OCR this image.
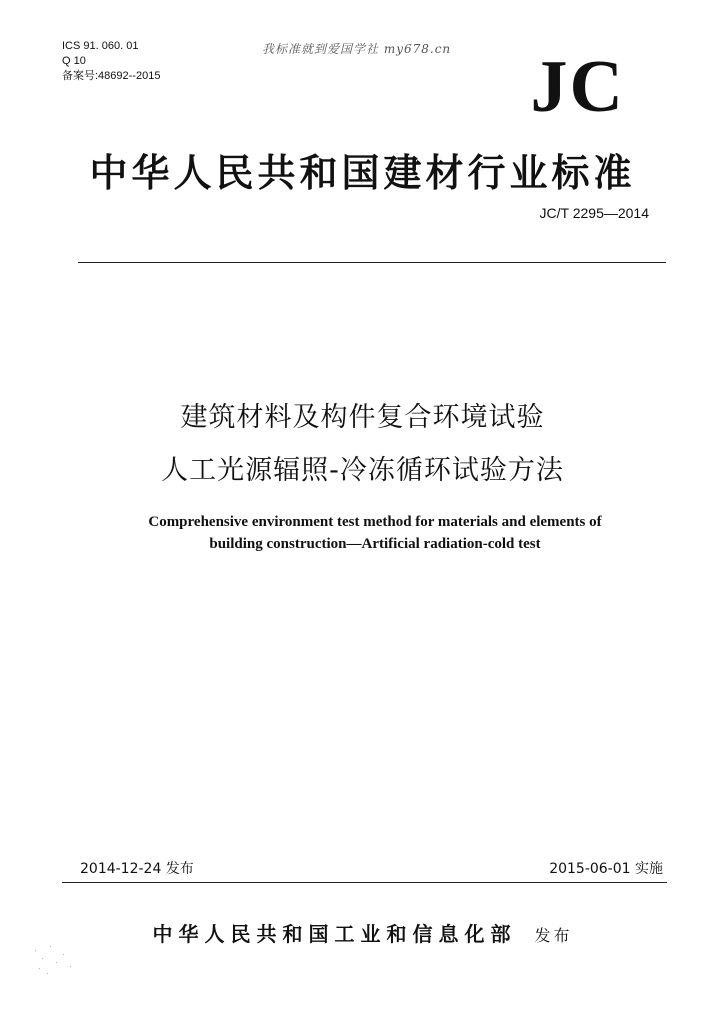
ICS 91. 060. 01
Q 10
备案号:48692--2015
我标准就到爱国学社 my678.cn JC
中华人民共和国建材行业标准
JC/T 2295—2014
建筑材料及构件复合环境试验
人工光源辐照-冷冻循环试验方法
Comprehensive environment test method for materials and elements of
building construction—Artificial radiation-cold test
2014-12-24 发布	2015-06-01 实施
中华人民共和国工业和信息化部 发布
